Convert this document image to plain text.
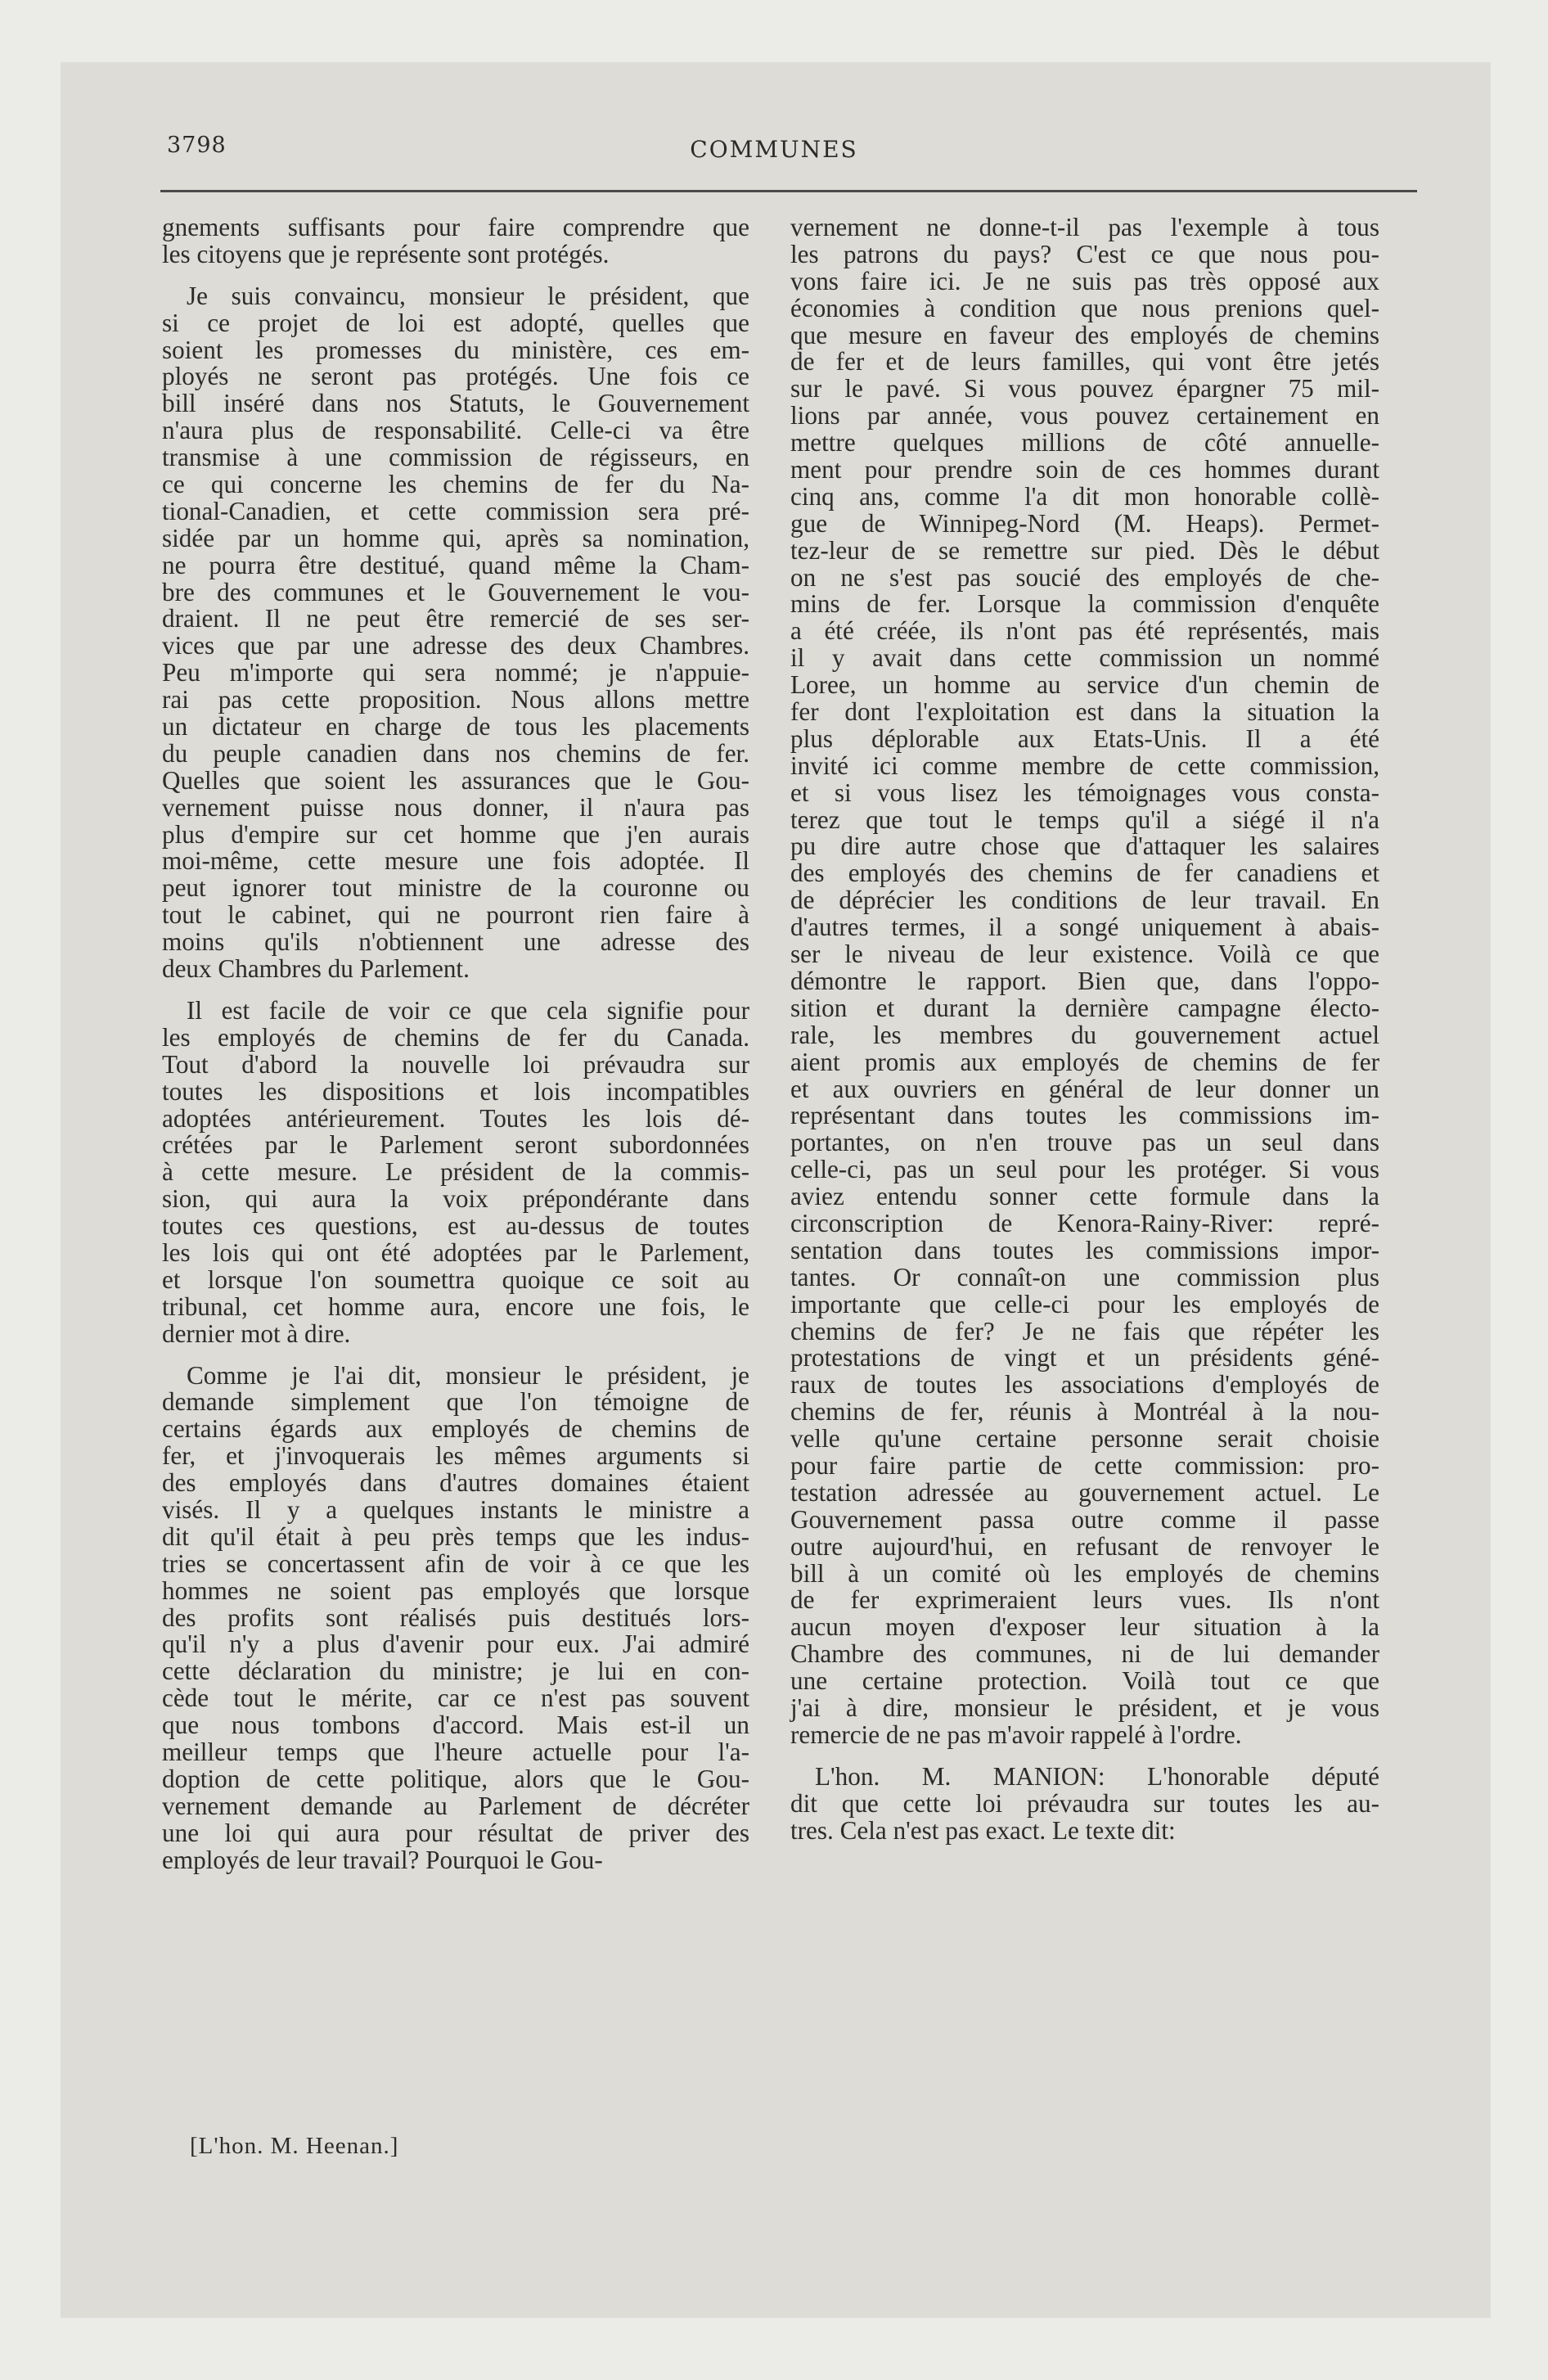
3798	COMMUNES
gnements suffisants pour faire comprendre que
les citoyens que je représente sont protégés.
Je suis convaincu, monsieur le président, que
si ce projet de loi est adopté, quelles que
soient les promesses du ministère, ces em-
ployés ne seront pas protégés. Une fois ce
bill inséré dans nos Statuts, le Gouvernement
n'aura plus de responsabilité. Celle-ci va être
transmise à une commission de régisseurs, en
ce qui concerne les chemins de fer du Na-
tional-Canadien, et cette commission sera pré-
sidée par un homme qui, après sa nomination,
ne pourra être destitué, quand même la Cham-
bre des communes et le Gouvernement le vou-
draient. Il ne peut être remercié de ses ser-
vices que par une adresse des deux Chambres.
Peu m'importe qui sera nommé; je n'appuie-
rai pas cette proposition. Nous allons mettre
un dictateur en charge de tous les placements
du peuple canadien dans nos chemins de fer.
Quelles que soient les assurances que le Gou-
vernement puisse nous donner, il n'aura pas
plus d'empire sur cet homme que j'en aurais
moi-même, cette mesure une fois adoptée. Il
peut ignorer tout ministre de la couronne ou
tout le cabinet, qui ne pourront rien faire à
moins qu'ils n'obtiennent une adresse des
deux Chambres du Parlement.
Il est facile de voir ce que cela signifie pour
les employés de chemins de fer du Canada.
Tout d'abord la nouvelle loi prévaudra sur
toutes les dispositions et lois incompatibles
adoptées antérieurement. Toutes les lois dé-
crétées par le Parlement seront subordonnées
à cette mesure. Le président de la commis-
sion, qui aura la voix prépondérante dans
toutes ces questions, est au-dessus de toutes
les lois qui ont été adoptées par le Parlement,
et lorsque l'on soumettra quoique ce soit au
tribunal, cet homme aura, encore une fois, le
dernier mot à dire.
Comme je l'ai dit, monsieur le président, je
demande simplement que l'on témoigne de
certains égards aux employés de chemins de
fer, et j'invoquerais les mêmes arguments si
des employés dans d'autres domaines étaient
visés. Il y a quelques instants le ministre a
dit qu'il était à peu près temps que les indus-
tries se concertassent afin de voir à ce que les
hommes ne soient pas employés que lorsque
des profits sont réalisés puis destitués lors-
qu'il n'y a plus d'avenir pour eux. J'ai admiré
cette déclaration du ministre; je lui en con-
cède tout le mérite, car ce n'est pas souvent
que nous tombons d'accord. Mais est-il un
meilleur temps que l'heure actuelle pour l'a-
doption de cette politique, alors que le Gou-
vernement demande au Parlement de décréter
une loi qui aura pour résultat de priver des
employés de leur travail? Pourquoi le Gou-
vernement ne donne-t-il pas l'exemple à tous
les patrons du pays? C'est ce que nous pou-
vons faire ici. Je ne suis pas très opposé aux
économies à condition que nous prenions quel-
que mesure en faveur des employés de chemins
de fer et de leurs familles, qui vont être jetés
sur le pavé. Si vous pouvez épargner 75 mil-
lions par année, vous pouvez certainement en
mettre quelques millions de côté annuelle-
ment pour prendre soin de ces hommes durant
cinq ans, comme l'a dit mon honorable collè-
gue de Winnipeg-Nord (M. Heaps). Permet-
tez-leur de se remettre sur pied. Dès le début
on ne s'est pas soucié des employés de che-
mins de fer. Lorsque la commission d'enquête
a été créée, ils n'ont pas été représentés, mais
il y avait dans cette commission un nommé
Loree, un homme au service d'un chemin de
fer dont l'exploitation est dans la situation la
plus déplorable aux Etats-Unis. Il a été
invité ici comme membre de cette commission,
et si vous lisez les témoignages vous consta-
terez que tout le temps qu'il a siégé il n'a
pu dire autre chose que d'attaquer les salaires
des employés des chemins de fer canadiens et
de déprécier les conditions de leur travail. En
d'autres termes, il a songé uniquement à abais-
ser le niveau de leur existence. Voilà ce que
démontre le rapport. Bien que, dans l'oppo-
sition et durant la dernière campagne électo-
rale, les membres du gouvernement actuel
aient promis aux employés de chemins de fer
et aux ouvriers en général de leur donner un
représentant dans toutes les commissions im-
portantes, on n'en trouve pas un seul dans
celle-ci, pas un seul pour les protéger. Si vous
aviez entendu sonner cette formule dans la
circonscription de Kenora-Rainy-River: repré-
sentation dans toutes les commissions impor-
tantes. Or connaît-on une commission plus
importante que celle-ci pour les employés de
chemins de fer? Je ne fais que répéter les
protestations de vingt et un présidents géné-
raux de toutes les associations d'employés de
chemins de fer, réunis à Montréal à la nou-
velle qu'une certaine personne serait choisie
pour faire partie de cette commission: pro-
testation adressée au gouvernement actuel. Le
Gouvernement passa outre comme il passe
outre aujourd'hui, en refusant de renvoyer le
bill à un comité où les employés de chemins
de fer exprimeraient leurs vues. Ils n'ont
aucun moyen d'exposer leur situation à la
Chambre des communes, ni de lui demander
une certaine protection. Voilà tout ce que
j'ai à dire, monsieur le président, et je vous
remercie de ne pas m'avoir rappelé à l'ordre.
L'hon. M. MANION: L'honorable député
dit que cette loi prévaudra sur toutes les au-
tres. Cela n'est pas exact. Le texte dit:
[L'hon. M. Heenan.]
